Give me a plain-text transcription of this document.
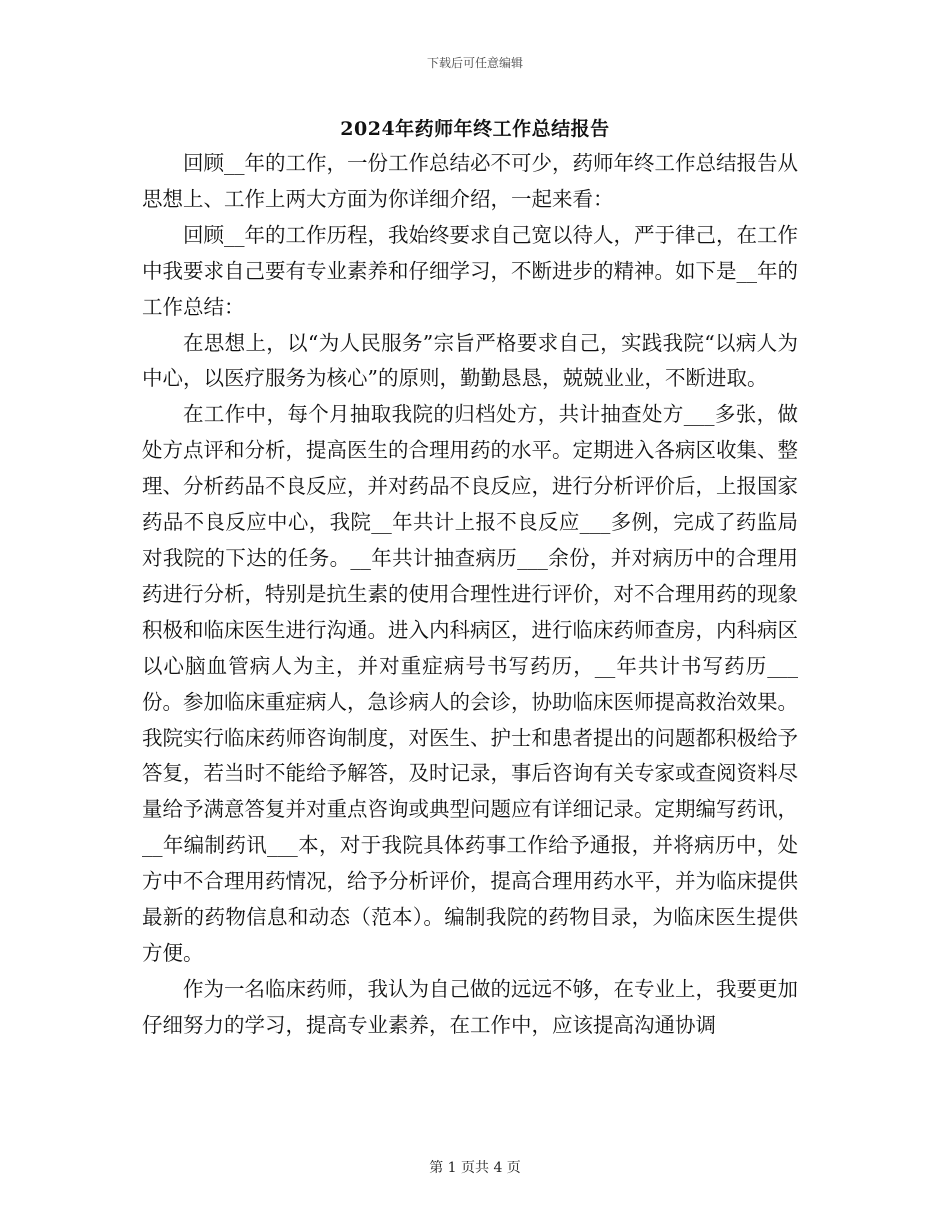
下载后可任意编辑
2024年药师年终工作总结报告

回顾__年的工作，一份工作总结必不可少，药师年终工作总结报告从思想上、工作上两大方面为你详细介绍，一起来看：

回顾__年的工作历程，我始终要求自己宽以待人，严于律己，在工作中我要求自己要有专业素养和仔细学习，不断进步的精神。如下是__年的工作总结：

在思想上，以“为人民服务”宗旨严格要求自己，实践我院“以病人为中心，以医疗服务为核心”的原则，勤勤恳恳，兢兢业业，不断进取。

在工作中，每个月抽取我院的归档处方，共计抽查处方___多张，做处方点评和分析，提高医生的合理用药的水平。定期进入各病区收集、整理、分析药品不良反应，并对药品不良反应，进行分析评价后，上报国家药品不良反应中心，我院__年共计上报不良反应___多例，完成了药监局对我院的下达的任务。__年共计抽查病历___余份，并对病历中的合理用药进行分析，特别是抗生素的使用合理性进行评价，对不合理用药的现象积极和临床医生进行沟通。进入内科病区，进行临床药师查房，内科病区以心脑血管病人为主，并对重症病号书写药历，__年共计书写药历___份。参加临床重症病人，急诊病人的会诊，协助临床医师提高救治效果。我院实行临床药师咨询制度，对医生、护士和患者提出的问题都积极给予答复，若当时不能给予解答，及时记录，事后咨询有关专家或查阅资料尽量给予满意答复并对重点咨询或典型问题应有详细记录。定期编写药讯，__年编制药讯___本，对于我院具体药事工作给予通报，并将病历中，处方中不合理用药情况，给予分析评价，提高合理用药水平，并为临床提供最新的药物信息和动态（范本）。编制我院的药物目录，为临床医生提供方便。

作为一名临床药师，我认为自己做的远远不够，在专业上，我要更加仔细努力的学习，提高专业素养，在工作中，应该提高沟通协调

第 1 页共 4 页
